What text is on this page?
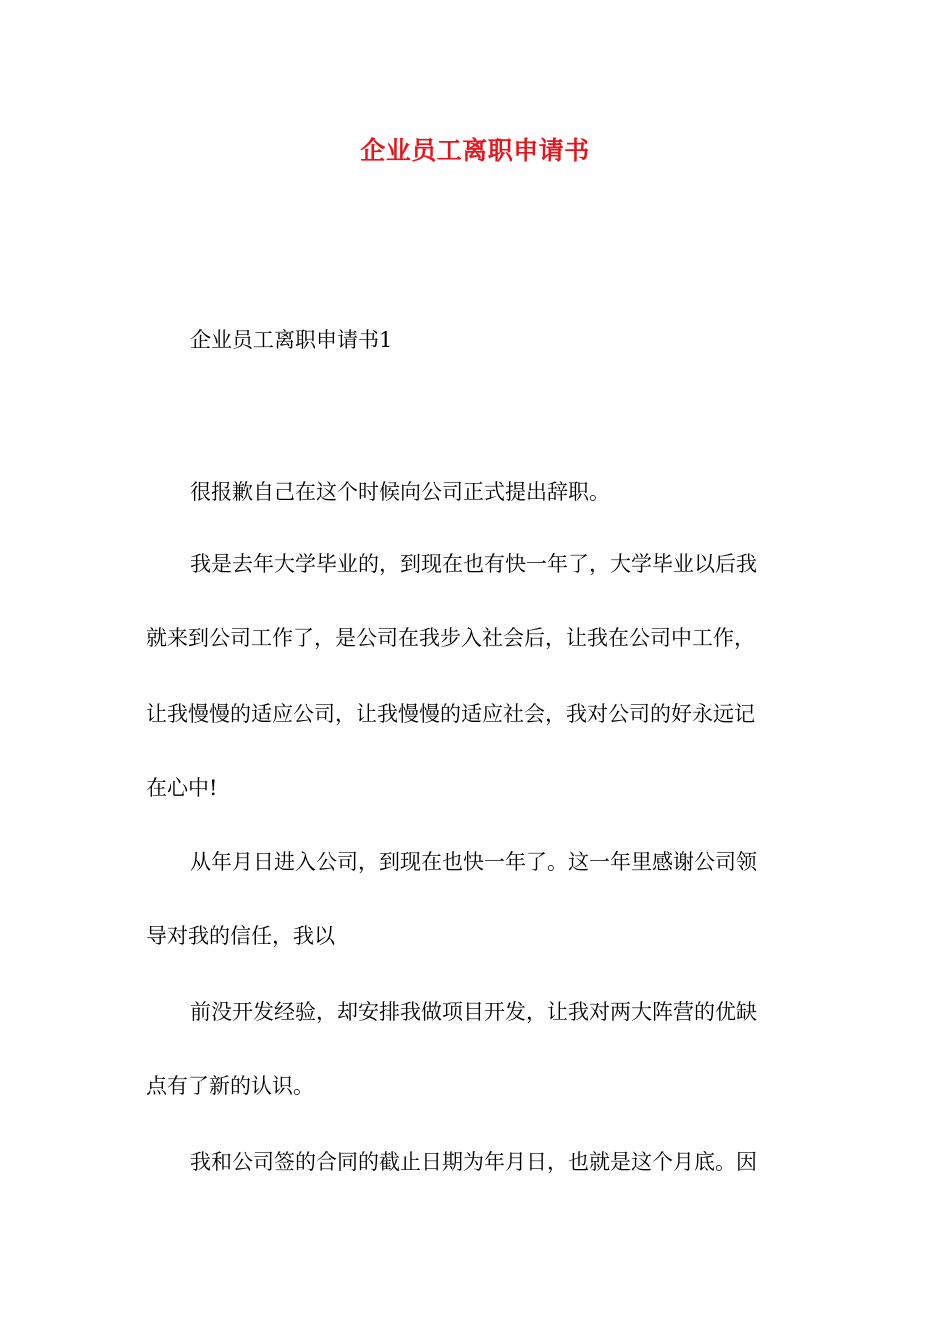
企业员工离职申请书
企业员工离职申请书1
很报歉自己在这个时候向公司正式提出辞职。
我是去年大学毕业的，到现在也有快一年了，大学毕业以后我
就来到公司工作了，是公司在我步入社会后，让我在公司中工作，
让我慢慢的适应公司，让我慢慢的适应社会，我对公司的好永远记
在心中!
从年月日进入公司，到现在也快一年了。这一年里感谢公司领
导对我的信任，我以
前没开发经验，却安排我做项目开发，让我对两大阵营的优缺
点有了新的认识。
我和公司签的合同的截止日期为年月日，也就是这个月底。因
